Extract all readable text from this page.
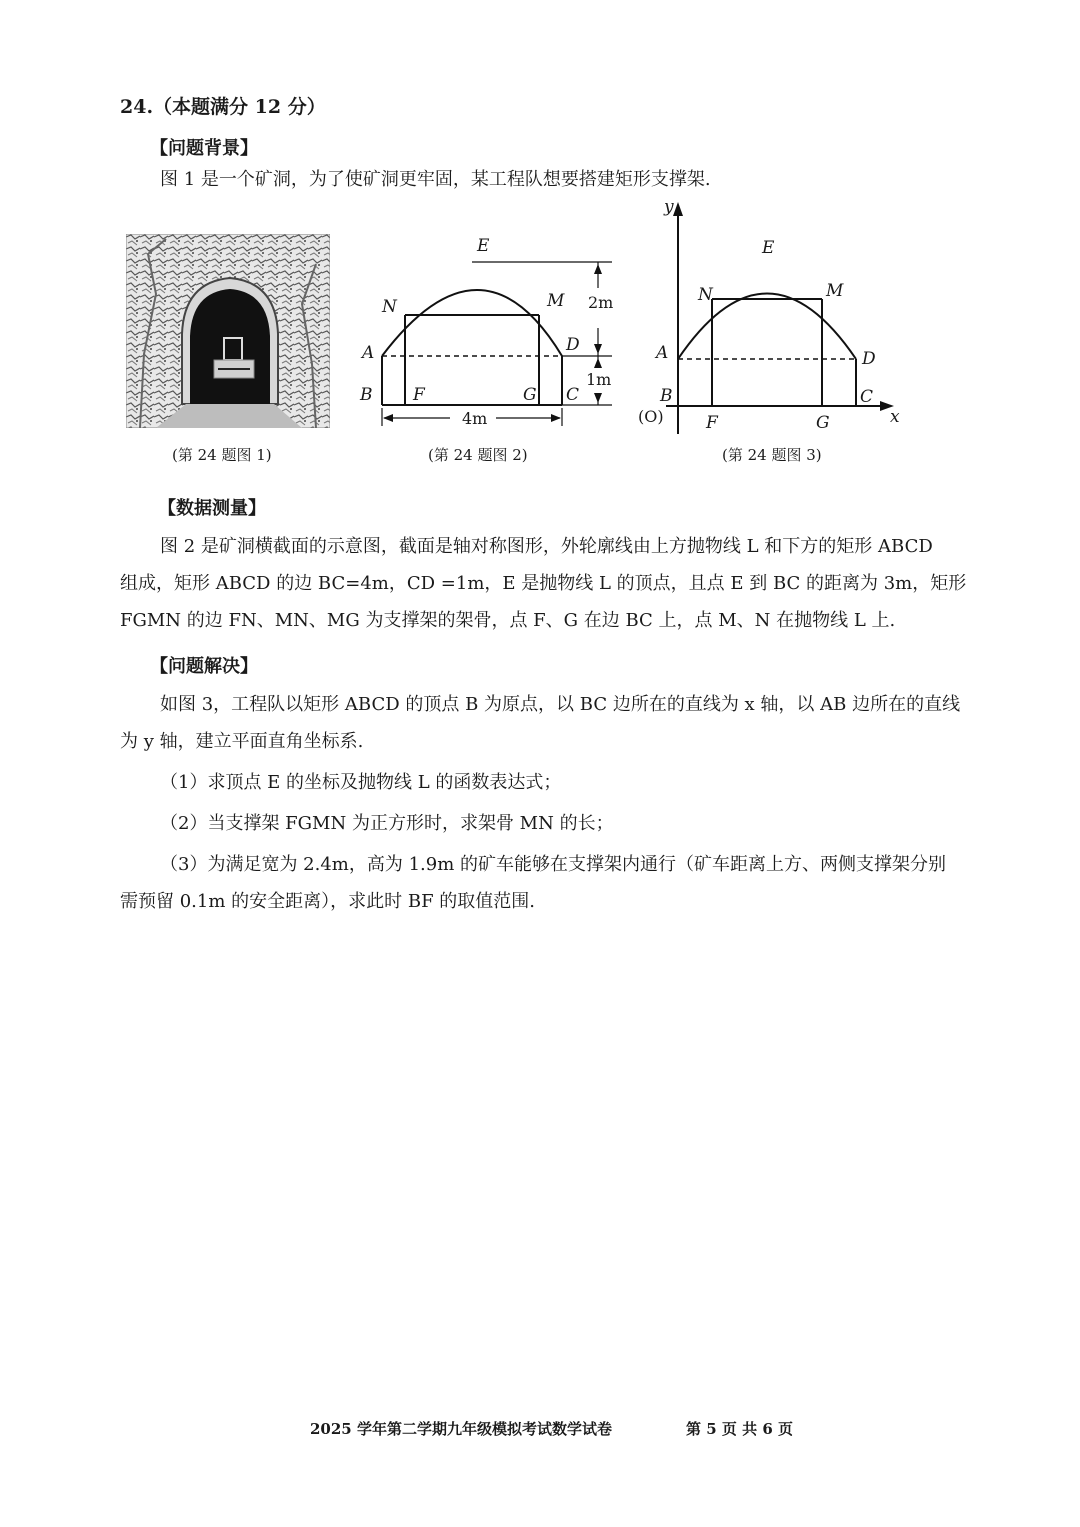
24.（本题满分 12 分）
【问题背景】
图 1 是一个矿洞，为了使矿洞更牢固，某工程队想要搭建矩形支撑架.
(第 24 题图 1)
E
N	M
A	D
B F	G C
2m
1m
4m
(第 24 题图 2)
y
x
E
N	M
A	D
B
(O) F	G
C
(第 24 题图 3)
【数据测量】
图 2 是矿洞横截面的示意图，截面是轴对称图形，外轮廓线由上方抛物线 L 和下方的矩形 ABCD
组成，矩形 ABCD 的边 BC=4m，CD =1m，E 是抛物线 L 的顶点，且点 E 到 BC 的距离为 3m，矩形
FGMN 的边 FN、MN、MG 为支撑架的架骨，点 F、G 在边 BC 上，点 M、N 在抛物线 L 上.
【问题解决】
如图 3，工程队以矩形 ABCD 的顶点 B 为原点，以 BC 边所在的直线为 x 轴，以 AB 边所在的直线
为 y 轴，建立平面直角坐标系.
（1）求顶点 E 的坐标及抛物线 L 的函数表达式；
（2）当支撑架 FGMN 为正方形时，求架骨 MN 的长；
（3）为满足宽为 2.4m，高为 1.9m 的矿车能够在支撑架内通行（矿车距离上方、两侧支撑架分别
需预留 0.1m 的安全距离），求此时 BF 的取值范围.
2025 学年第二学期九年级模拟考试数学试卷	第 5 页 共 6 页
